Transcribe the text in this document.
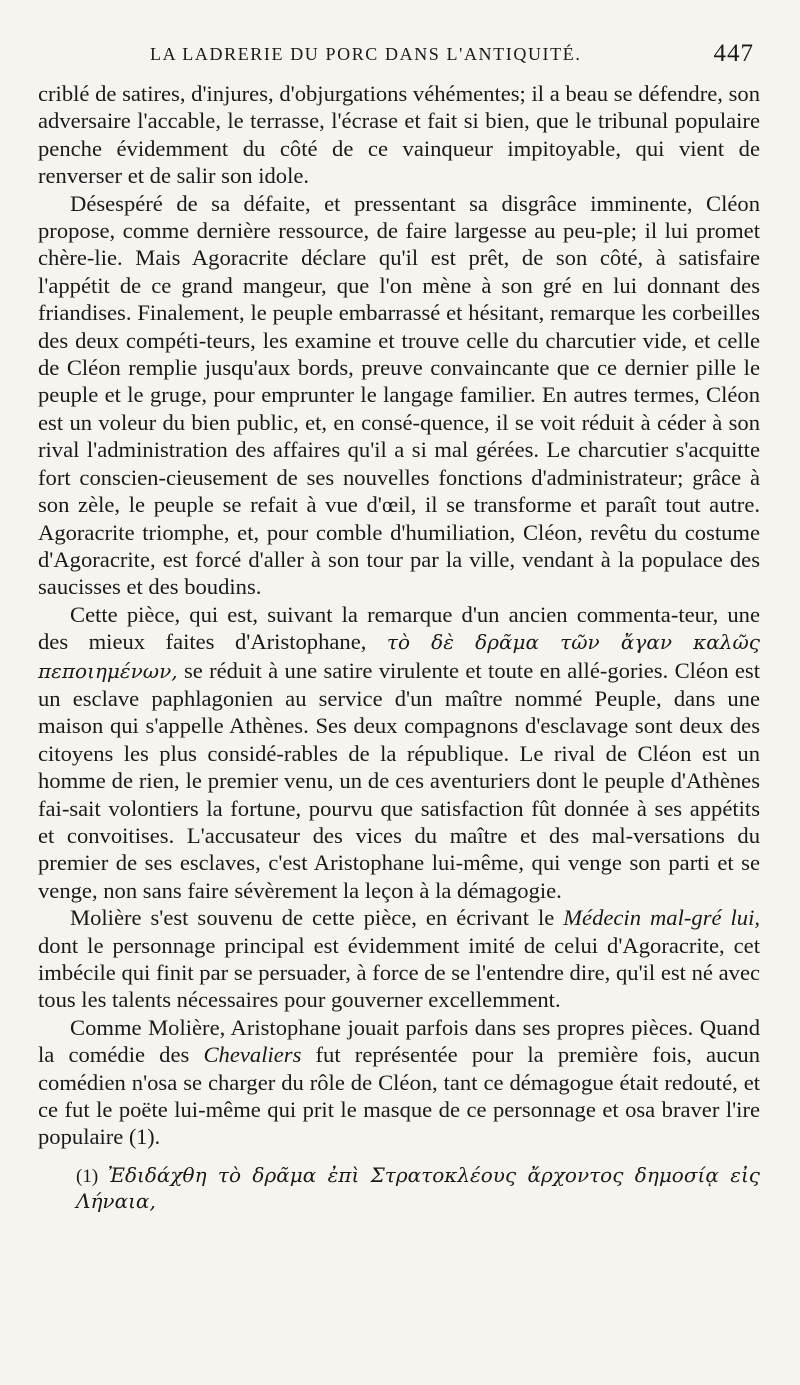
LA LADRERIE DU PORC DANS L'ANTIQUITÉ.	447

criblé de satires, d'injures, d'objurgations véhémentes; il a beau se défendre, son adversaire l'accable, le terrasse, l'écrase et fait si bien, que le tribunal populaire penche évidemment du côté de ce vainqueur impitoyable, qui vient de renverser et de salir son idole.

Désespéré de sa défaite, et pressentant sa disgrâce imminente, Cléon propose, comme dernière ressource, de faire largesse au peu-ple; il lui promet chère-lie. Mais Agoracrite déclare qu'il est prêt, de son côté, à satisfaire l'appétit de ce grand mangeur, que l'on mène à son gré en lui donnant des friandises. Finalement, le peuple embarrassé et hésitant, remarque les corbeilles des deux compéti-teurs, les examine et trouve celle du charcutier vide, et celle de Cléon remplie jusqu'aux bords, preuve convaincante que ce dernier pille le peuple et le gruge, pour emprunter le langage familier. En autres termes, Cléon est un voleur du bien public, et, en consé-quence, il se voit réduit à céder à son rival l'administration des affaires qu'il a si mal gérées. Le charcutier s'acquitte fort conscien-cieusement de ses nouvelles fonctions d'administrateur; grâce à son zèle, le peuple se refait à vue d'œil, il se transforme et paraît tout autre. Agoracrite triomphe, et, pour comble d'humiliation, Cléon, revêtu du costume d'Agoracrite, est forcé d'aller à son tour par la ville, vendant à la populace des saucisses et des boudins.

Cette pièce, qui est, suivant la remarque d'un ancien commenta-teur, une des mieux faites d'Aristophane, τὸ δὲ δρᾶμα τῶν ἄγαν καλῶς πεποιημένων, se réduit à une satire virulente et toute en allé-gories. Cléon est un esclave paphlagonien au service d'un maître nommé Peuple, dans une maison qui s'appelle Athènes. Ses deux compagnons d'esclavage sont deux des citoyens les plus considé-rables de la république. Le rival de Cléon est un homme de rien, le premier venu, un de ces aventuriers dont le peuple d'Athènes fai-sait volontiers la fortune, pourvu que satisfaction fût donnée à ses appétits et convoitises. L'accusateur des vices du maître et des mal-versations du premier de ses esclaves, c'est Aristophane lui-même, qui venge son parti et se venge, non sans faire sévèrement la leçon à la démagogie.

Molière s'est souvenu de cette pièce, en écrivant le Médecin mal-gré lui, dont le personnage principal est évidemment imité de celui d'Agoracrite, cet imbécile qui finit par se persuader, à force de se l'entendre dire, qu'il est né avec tous les talents nécessaires pour gouverner excellemment.

Comme Molière, Aristophane jouait parfois dans ses propres pièces. Quand la comédie des Chevaliers fut représentée pour la première fois, aucun comédien n'osa se charger du rôle de Cléon, tant ce démagogue était redouté, et ce fut le poëte lui-même qui prit le masque de ce personnage et osa braver l'ire populaire (1).

(1) Ἐδιδάχθη τὸ δρᾶμα ἐπὶ Στρατοκλέους ἄρχοντος δημοσίᾳ εἰς Λήναια,
